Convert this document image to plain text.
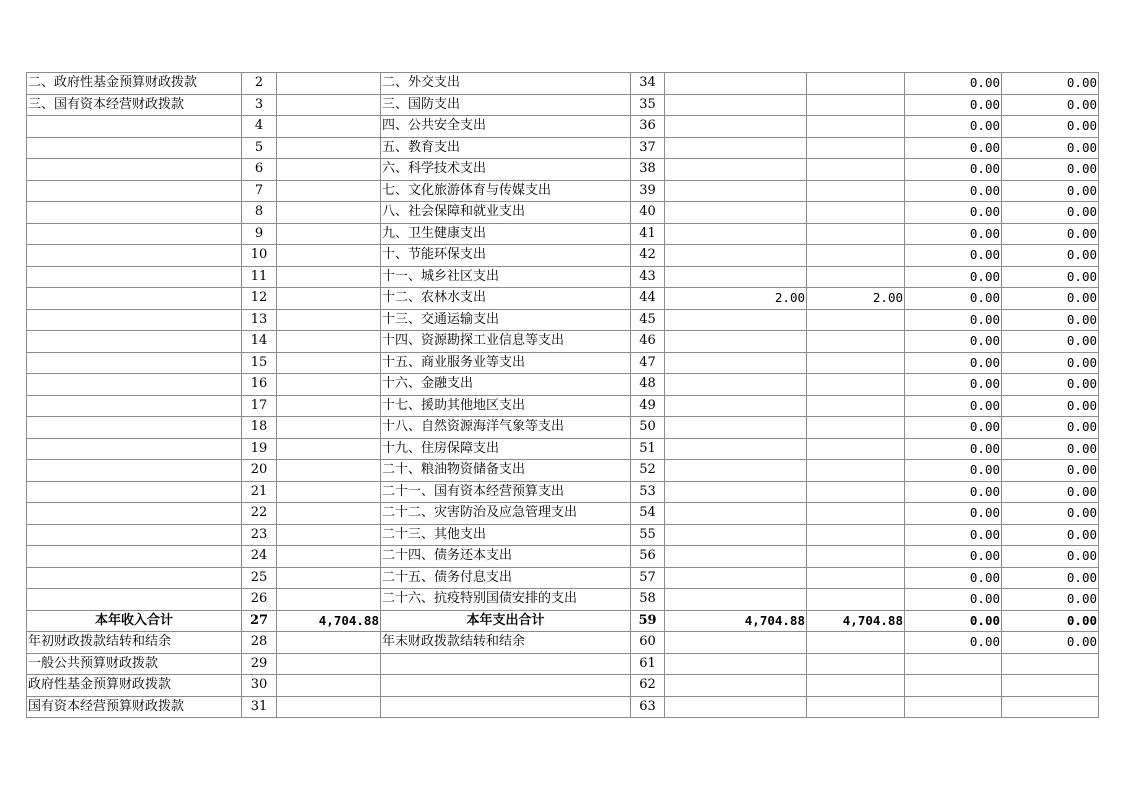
二、政府性基金预算财政拨款	2		二、外交支出	34			0.00	0.00
三、国有资本经营财政拨款	3		三、国防支出	35			0.00	0.00
	4		四、公共安全支出	36			0.00	0.00
	5		五、教育支出	37			0.00	0.00
	6		六、科学技术支出	38			0.00	0.00
	7		七、文化旅游体育与传媒支出	39			0.00	0.00
	8		八、社会保障和就业支出	40			0.00	0.00
	9		九、卫生健康支出	41			0.00	0.00
	10		十、节能环保支出	42			0.00	0.00
	11		十一、城乡社区支出	43			0.00	0.00
	12		十二、农林水支出	44	2.00	2.00	0.00	0.00
	13		十三、交通运输支出	45			0.00	0.00
	14		十四、资源勘探工业信息等支出	46			0.00	0.00
	15		十五、商业服务业等支出	47			0.00	0.00
	16		十六、金融支出	48			0.00	0.00
	17		十七、援助其他地区支出	49			0.00	0.00
	18		十八、自然资源海洋气象等支出	50			0.00	0.00
	19		十九、住房保障支出	51			0.00	0.00
	20		二十、粮油物资储备支出	52			0.00	0.00
	21		二十一、国有资本经营预算支出	53			0.00	0.00
	22		二十二、灾害防治及应急管理支出	54			0.00	0.00
	23		二十三、其他支出	55			0.00	0.00
	24		二十四、债务还本支出	56			0.00	0.00
	25		二十五、债务付息支出	57			0.00	0.00
	26		二十六、抗疫特别国债安排的支出	58			0.00	0.00
本年收入合计	27	4,704.88	本年支出合计	59	4,704.88	4,704.88	0.00	0.00
年初财政拨款结转和结余	28		年末财政拨款结转和结余	60			0.00	0.00
一般公共预算财政拨款	29			61				
政府性基金预算财政拨款	30			62				
国有资本经营预算财政拨款	31			63				
